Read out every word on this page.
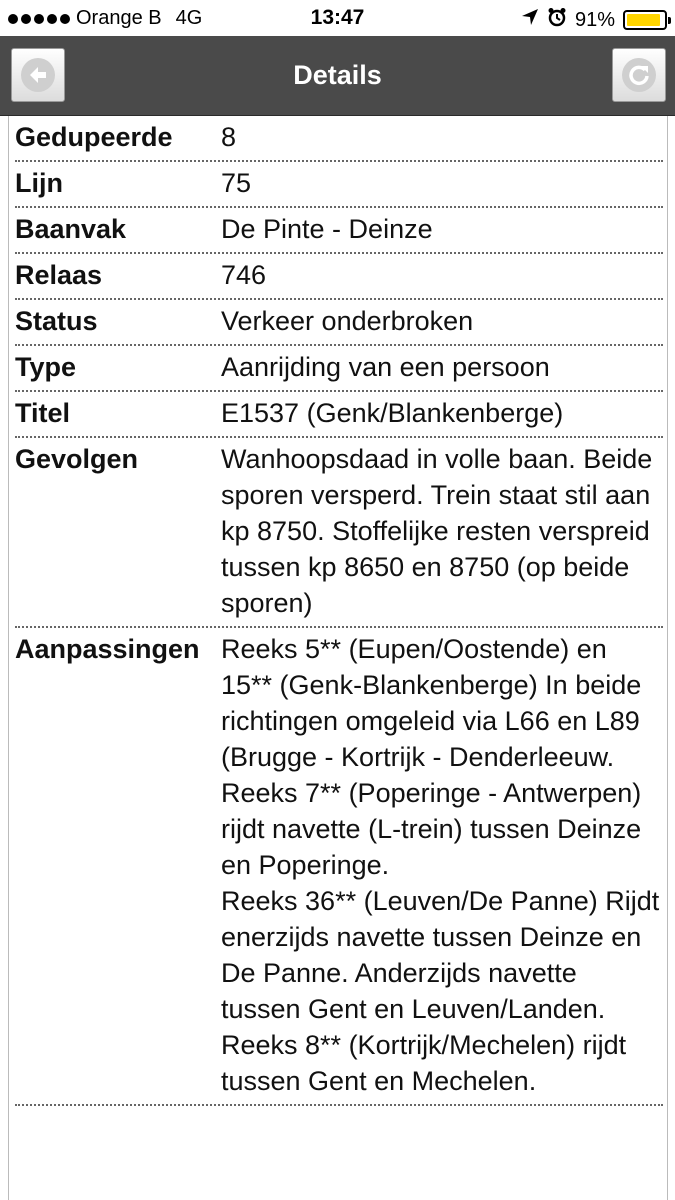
Orange B 4G	13:47	91%
Details
Gedupeerde	8
Lijn	75
Baanvak	De Pinte - Deinze
Relaas	746
Status	Verkeer onderbroken
Type	Aanrijding van een persoon
Titel	E1537 (Genk/Blankenberge)
Gevolgen	Wanhoopsdaad in volle baan. Beide sporen versperd. Trein staat stil aan kp 8750. Stoffelijke resten verspreid tussen kp 8650 en 8750 (op beide sporen)
Aanpassingen Reeks 5** (Eupen/Oostende) en 15** (Genk-Blankenberge) In beide richtingen omgeleid via L66 en L89 (Brugge - Kortrijk - Denderleeuw.
Reeks 7** (Poperinge - Antwerpen) rijdt navette (L-trein) tussen Deinze en Poperinge.
Reeks 36** (Leuven/De Panne) Rijdt enerzijds navette tussen Deinze en De Panne. Anderzijds navette tussen Gent en Leuven/Landen.
Reeks 8** (Kortrijk/Mechelen) rijdt tussen Gent en Mechelen.
